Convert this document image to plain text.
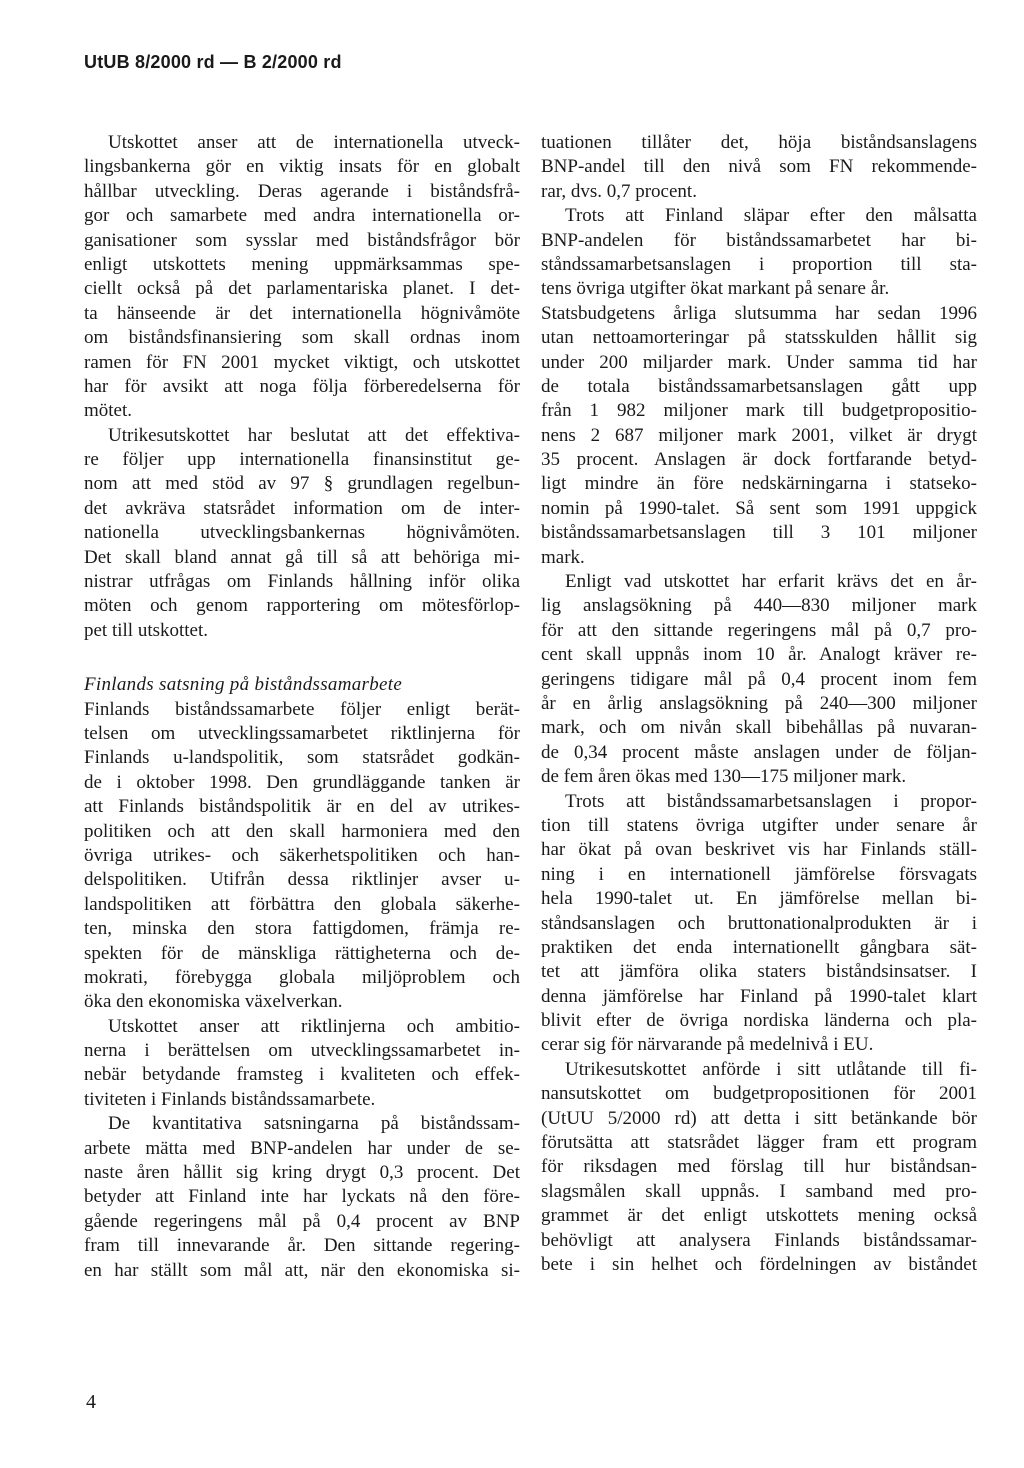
UtUB 8/2000 rd — B 2/2000 rd
Utskottet anser att de internationella utveck-
lingsbankerna gör en viktig insats för en globalt
hållbar utveckling. Deras agerande i biståndsfrå-
gor och samarbete med andra internationella or-
ganisationer som sysslar med biståndsfrågor bör
enligt utskottets mening uppmärksammas spe-
ciellt också på det parlamentariska planet. I det-
ta hänseende är det internationella högnivåmöte
om biståndsfinansiering som skall ordnas inom
ramen för FN 2001 mycket viktigt, och utskottet
har för avsikt att noga följa förberedelserna för
mötet.
Utrikesutskottet har beslutat att det effektiva-
re följer upp internationella finansinstitut ge-
nom att med stöd av 97 § grundlagen regelbun-
det avkräva statsrådet information om de inter-
nationella utvecklingsbankernas högnivåmöten.
Det skall bland annat gå till så att behöriga mi-
nistrar utfrågas om Finlands hållning inför olika
möten och genom rapportering om mötesförlop-
pet till utskottet.
Finlands satsning på biståndssamarbete
Finlands biståndssamarbete följer enligt berät-
telsen om utvecklingssamarbetet riktlinjerna för
Finlands u-landspolitik, som statsrådet godkän-
de i oktober 1998. Den grundläggande tanken är
att Finlands biståndspolitik är en del av utrikes-
politiken och att den skall harmoniera med den
övriga utrikes- och säkerhetspolitiken och han-
delspolitiken. Utifrån dessa riktlinjer avser u-
landspolitiken att förbättra den globala säkerhe-
ten, minska den stora fattigdomen, främja re-
spekten för de mänskliga rättigheterna och de-
mokrati, förebygga globala miljöproblem och
öka den ekonomiska växelverkan.
Utskottet anser att riktlinjerna och ambitio-
nerna i berättelsen om utvecklingssamarbetet in-
nebär betydande framsteg i kvaliteten och effek-
tiviteten i Finlands biståndssamarbete.
De kvantitativa satsningarna på biståndssam-
arbete mätta med BNP-andelen har under de se-
naste åren hållit sig kring drygt 0,3 procent. Det
betyder att Finland inte har lyckats nå den före-
gående regeringens mål på 0,4 procent av BNP
fram till innevarande år. Den sittande regering-
en har ställt som mål att, när den ekonomiska si-
tuationen tillåter det, höja biståndsanslagens
BNP-andel till den nivå som FN rekommende-
rar, dvs. 0,7 procent.
Trots att Finland släpar efter den målsatta
BNP-andelen för biståndssamarbetet har bi-
ståndssamarbetsanslagen i proportion till sta-
tens övriga utgifter ökat markant på senare år.
Statsbudgetens årliga slutsumma har sedan 1996
utan nettoamorteringar på statsskulden hållit sig
under 200 miljarder mark. Under samma tid har
de totala biståndssamarbetsanslagen gått upp
från 1 982 miljoner mark till budgetpropositio-
nens 2 687 miljoner mark 2001, vilket är drygt
35 procent. Anslagen är dock fortfarande betyd-
ligt mindre än före nedskärningarna i statseko-
nomin på 1990-talet. Så sent som 1991 uppgick
biståndssamarbetsanslagen till 3 101 miljoner
mark.
Enligt vad utskottet har erfarit krävs det en år-
lig anslagsökning på 440—830 miljoner mark
för att den sittande regeringens mål på 0,7 pro-
cent skall uppnås inom 10 år. Analogt kräver re-
geringens tidigare mål på 0,4 procent inom fem
år en årlig anslagsökning på 240—300 miljoner
mark, och om nivån skall bibehållas på nuvaran-
de 0,34 procent måste anslagen under de följan-
de fem åren ökas med 130—175 miljoner mark.
Trots att biståndssamarbetsanslagen i propor-
tion till statens övriga utgifter under senare år
har ökat på ovan beskrivet vis har Finlands ställ-
ning i en internationell jämförelse försvagats
hela 1990-talet ut. En jämförelse mellan bi-
ståndsanslagen och bruttonationalprodukten är i
praktiken det enda internationellt gångbara sät-
tet att jämföra olika staters biståndsinsatser. I
denna jämförelse har Finland på 1990-talet klart
blivit efter de övriga nordiska länderna och pla-
cerar sig för närvarande på medelnivå i EU.
Utrikesutskottet anförde i sitt utlåtande till fi-
nansutskottet om budgetpropositionen för 2001
(UtUU 5/2000 rd) att detta i sitt betänkande bör
förutsätta att statsrådet lägger fram ett program
för riksdagen med förslag till hur biståndsan-
slagsmålen skall uppnås. I samband med pro-
grammet är det enligt utskottets mening också
behövligt att analysera Finlands biståndssamar-
bete i sin helhet och fördelningen av biståndet
4
